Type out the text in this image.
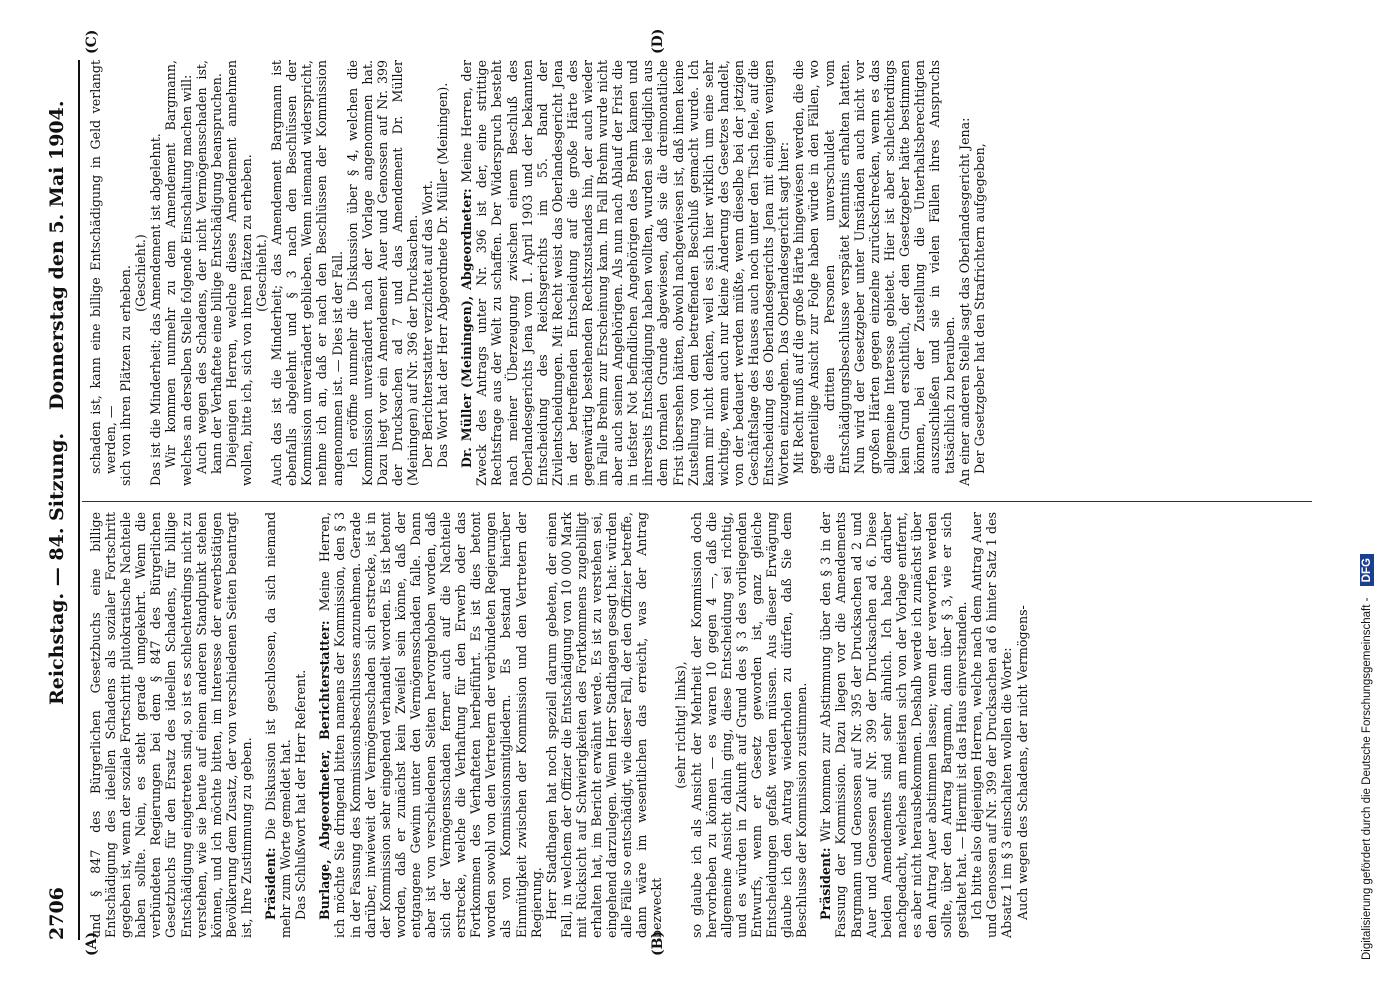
2706
Reichstag. — 84. Sitzung.
Donnerstag den 5. Mai 1904.
(A)	(B)
(C)	(D)

und § 847 des Bürgerlichen Gesetzbuchs eine billige Entschädigung des ideellen Schadens als sozialer Fortschritt gegeben ist, wenn der soziale Fortschritt plutokratische Nachteile haben sollte. Nein, es steht gerade umgekehrt. Wenn die verbündeten Regierungen bei dem § 847 des Bürgerlichen Gesetzbuchs für den Ersatz des ideellen Schadens, für billige Entschädigung eingetreten sind, so ist es schlechterdings nicht zu verstehen, wie sie heute auf einem anderen Standpunkt stehen können, und ich möchte bitten, im Interesse der erwerbstätigen Bevölkerung dem Zusatz, der von verschiedenen Seiten beantragt ist, Ihre Zustimmung zu geben. Präsident: Die Diskussion ist geschlossen, da sich niemand mehr zum Worte gemeldet hat. Das Schlußwort hat der Herr Referent. Burlage, Abgeordneter, Berichterstatter: Meine Herren, ich möchte Sie dringend bitten namens der Kommission, den § 3 in der Fassung des Kommissionsbeschlusses anzunehmen. Gerade darüber, inwieweit der Vermögensschaden sich erstrecke, ist in der Kommission sehr eingehend verhandelt worden. Es ist betont worden, daß er zunächst kein Zweifel sein könne, daß der entgangene Gewinn unter den Vermögensschaden falle. Dann aber ist von verschiedenen Seiten hervorgehoben worden, daß sich der Vermögensschaden ferner auch auf die Nachteile erstrecke, welche die Verhaftung für den Erwerb oder das Fortkommen des Verhafteten herbeiführt. Es ist dies betont worden sowohl von den Vertretern der verbündeten Regierungen als von Kommissionsmitgliedern. Es bestand hierüber Einmütigkeit zwischen der Kommission und den Vertretern der Regierung. Herr Stadthagen hat noch speziell darum gebeten, der einen Fall, in welchem der Offizier die Entschädigung von 10 000 Mark mit Rücksicht auf Schwierigkeiten des Fortkommens zugebilligt erhalten hat, im Bericht erwähnt werde. Es ist zu verstehen sei, eingehend darzulegen. Wenn Herr Stadthagen gesagt hat: würden alle Fälle so entschädigt, wie dieser Fall, der den Offizier betreffe, dann wäre im wesentlichen das erreicht, was der Antrag bezweckt

(sehr richtig! links), so glaube ich als Ansicht der Mehrheit der Kommission doch hervorheben zu können — es waren 10 gegen 4 —, daß die allgemeine Ansicht dahin ging, diese Entscheidung sei richtig, und es würden in Zukunft auf Grund des § 3 des vorliegenden Entwurfs, wenn er Gesetz geworden ist, ganz gleiche Entscheidungen gefaßt werden müssen. Aus dieser Erwägung glaube ich den Antrag wiederholen zu dürfen, daß Sie dem Beschlusse der Kommission zustimmen. Präsident: Wir kommen zur Abstimmung über den § 3 in der Fassung der Kommission. Dazu liegen vor die Amendements Bargmann und Genossen auf Nr. 395 der Drucksachen ad 2 und Auer und Genossen auf Nr. 399 der Drucksachen ad 6. Diese beiden Amendements sind sehr ähnlich. Ich habe darüber nachgedacht, welches am meisten sich von der Vorlage entfernt, es aber nicht herausbekommen. Deshalb werde ich zunächst über den Antrag Auer abstimmen lassen; wenn der verworfen werden sollte, über den Antrag Bargmann, dann über § 3, wie er sich gestaltet hat. — Hiermit ist das Haus einverstanden. Ich bitte also diejenigen Herren, welche nach dem Antrag Auer und Genossen auf Nr. 399 der Drucksachen ad 6 hinter Satz 1 des Absatz 1 im § 3 einschalten wollen die Worte: Auch wegen des Schadens, der nicht Vermögens-

schaden ist, kann eine billige Entschädigung in Geld verlangt werden, — sich von ihren Plätzen zu erheben. (Geschieht.) Das ist die Minderheit; das Amendement ist abgelehnt. Wir kommen nunmehr zu dem Amendement Bargmann, welches an derselben Stelle folgende Einschaltung machen will: Auch wegen des Schadens, der nicht Vermögensschaden ist, kann der Verhaftete eine billige Entschädigung beanspruchen. Diejenigen Herren, welche dieses Amendement annehmen wollen, bitte ich, sich von ihren Plätzen zu erheben. (Geschieht.) Auch das ist die Minderheit; das Amendement Bargmann ist ebenfalls abgelehnt und § 3 nach den Beschlüssen der Kommission unverändert geblieben. Wenn niemand widerspricht, nehme ich an, daß er nach den Beschlüssen der Kommission angenommen ist. — Dies ist der Fall. Ich eröffne nunmehr die Diskussion über § 4, welchen die Kommission unverändert nach der Vorlage angenommen hat. Dazu liegt vor ein Amendement Auer und Genossen auf Nr. 399 der Drucksachen ad 7 und das Amendement Dr. Müller (Meiningen) auf Nr. 396 der Drucksachen. Der Berichterstatter verzichtet auf das Wort. Das Wort hat der Herr Abgeordnete Dr. Müller (Meiningen). Dr. Müller (Meiningen), Abgeordneter: Meine Herren, der Zweck des Antrags unter Nr. 396 ist der, eine strittige Rechtsfrage aus der Welt zu schaffen. Der Widerspruch besteht nach meiner Überzeugung zwischen einem Beschluß des Oberlandesgerichts Jena vom 1. April 1903 und der bekannten Entscheidung des Reichsgerichts im 55. Band der Zivilentscheidungen. Mit Recht weist das Oberlandesgericht Jena in der betreffenden Entscheidung auf die große Härte des gegenwärtig bestehenden Rechtszustandes hin, der auch wieder im Falle Brehm zur Erscheinung kam. Im Fall Brehm wurde nicht aber auch seinen Angehörigen. Als nun nach Ablauf der Frist die in tiefster Not befindlichen Angehörigen des Brehm kamen und ihrerseits Entschädigung haben wollten, wurden sie lediglich aus dem formalen Grunde abgewiesen, daß sie die dreimonatliche Frist übersehen hätten, obwohl nachgewiesen ist, daß ihnen keine Zustellung von dem betreffenden Beschluß gemacht wurde. Ich kann mir nicht denken, weil es sich hier wirklich um eine sehr wichtige, wenn auch nur kleine Änderung des Gesetzes handelt, von der bedauert werden müßte, wenn dieselbe bei der jetzigen Geschäftslage des Hauses auch noch unter den Tisch fiele, auf die Entscheidung des Oberlandesgerichts Jena mit einigen wenigen Worten einzugehen. Das Oberlandesgericht sagt hier: Mit Recht muß auf die große Härte hingewiesen werden, die die gegenteilige Ansicht zur Folge haben würde in den Fällen, wo die dritten Personen unverschuldet vom Entschädigungsbeschlusse verspätet Kenntnis erhalten hatten. Nun wird der Gesetzgeber unter Umständen auch nicht vor großen Härten gegen einzelne zurückschrecken, wenn es das allgemeine Interesse gebietet. Hier ist aber schlechterdings kein Grund ersichtlich, der den Gesetzgeber hätte bestimmen können, bei der Zustellung die Unterhaltsberechtigten auszuschließen und sie in vielen Fällen ihres Anspruchs tatsächlich zu berauben. An einer anderen Stelle sagt das Oberlandesgericht Jena: Der Gesetzgeber hat den Strafrichtern aufgegeben,

Digitalisierung gefördert durch die Deutsche Forschungsgemeinschaft - DFG
